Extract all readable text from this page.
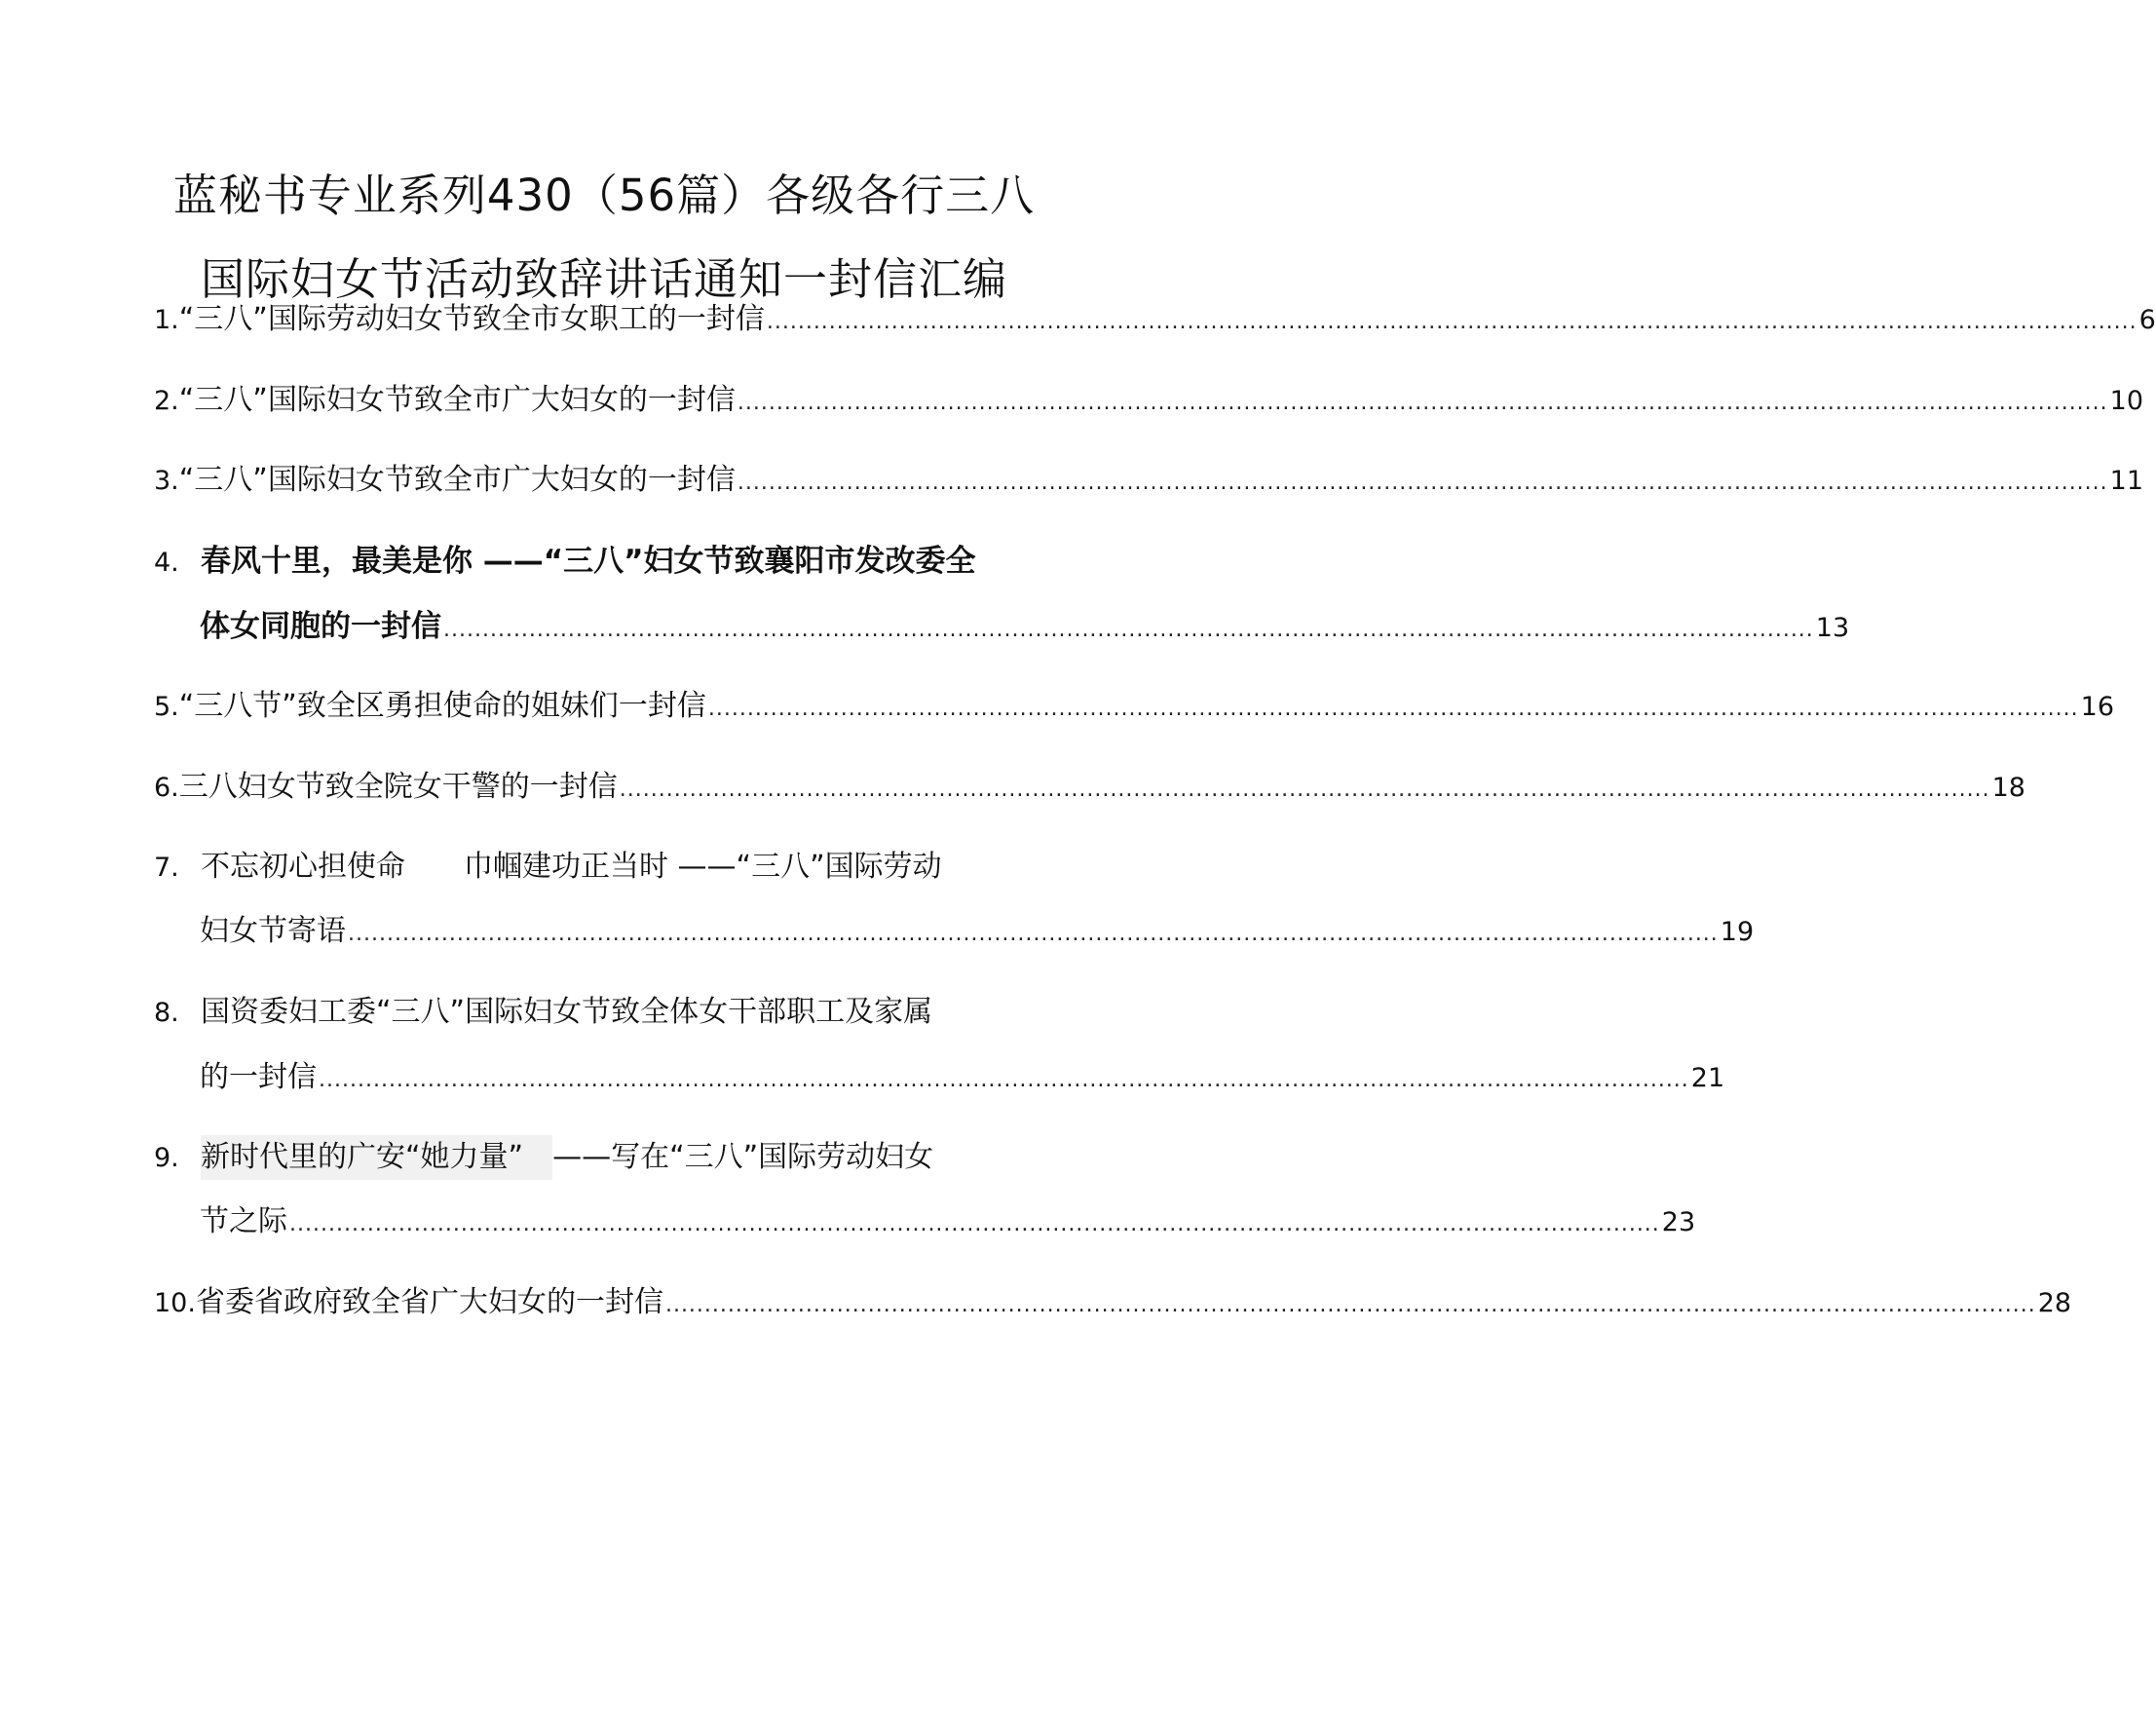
蓝秘书专业系列430（56篇）各级各行三八
国际妇女节活动致辞讲话通知一封信汇编
1. “三八”国际劳动妇女节致全市女职工的一封信 ................................................................................................................................................................................ 6
2. “三八”国际妇女节致全市广大妇女的一封信 ................................................................................................................................................................................ 10
3. “三八”国际妇女节致全市广大妇女的一封信 ................................................................................................................................................................................ 11
4. 春风十里，最美是你 ——“三八”妇女节致襄阳市发改委全
体女同胞的一封信 ................................................................................................................................................................................ 13
5. “三八节”致全区勇担使命的姐妹们一封信 ................................................................................................................................................................................ 16
6. 三八妇女节致全院女干警的一封信 ................................................................................................................................................................................ 18
7. 不忘初心担使命　　巾帼建功正当时 ——“三八”国际劳动
妇女节寄语 ................................................................................................................................................................................ 19
8. 国资委妇工委“三八”国际妇女节致全体女干部职工及家属
的一封信 ................................................................................................................................................................................ 21
9. 新时代里的广安“她力量”	——写在“三八”国际劳动妇女
节之际 ................................................................................................................................................................................ 23
10. 省委省政府致全省广大妇女的一封信 ................................................................................................................................................................................ 28
